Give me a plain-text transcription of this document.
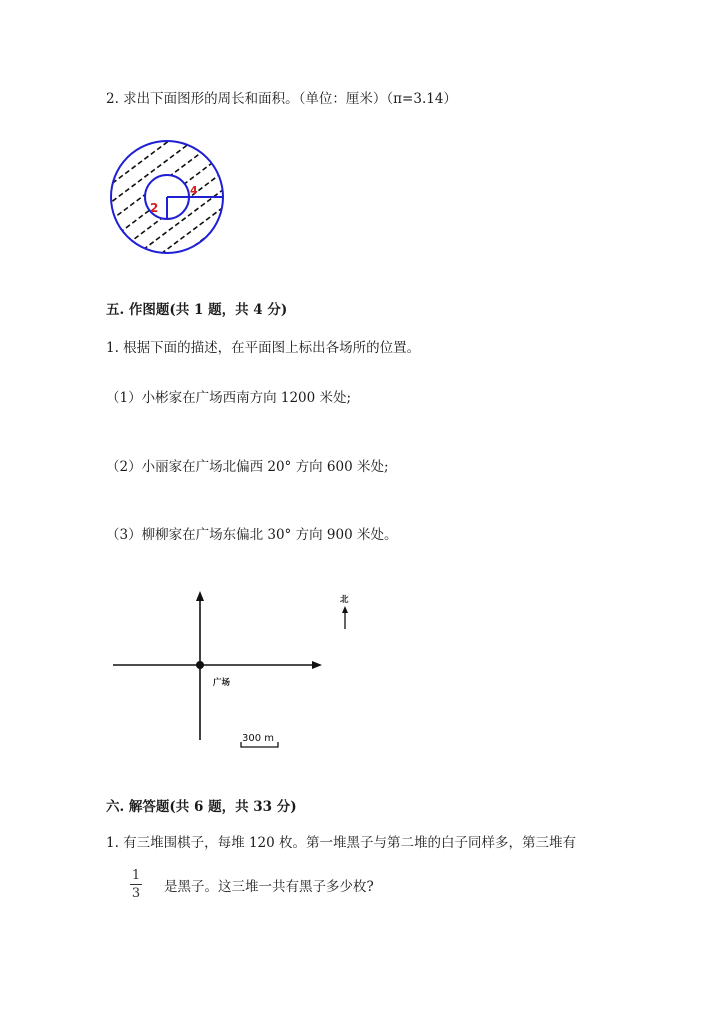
2. 求出下面图形的周长和面积。（单位：厘米）（π=3.14）
2
4
五. 作图题(共 1 题，共 4 分)
1. 根据下面的描述，在平面图上标出各场所的位置。
（1）小彬家在广场西南方向 1200 米处;
（2）小丽家在广场北偏西 20° 方向 600 米处;
（3）柳柳家在广场东偏北 30° 方向 900 米处。
广场
北
300 m
六. 解答题(共 6 题，共 33 分)
1. 有三堆围棋子，每堆 120 枚。第一堆黑子与第二堆的白子同样多，第三堆有
1
3 是黑子。这三堆一共有黑子多少枚?
